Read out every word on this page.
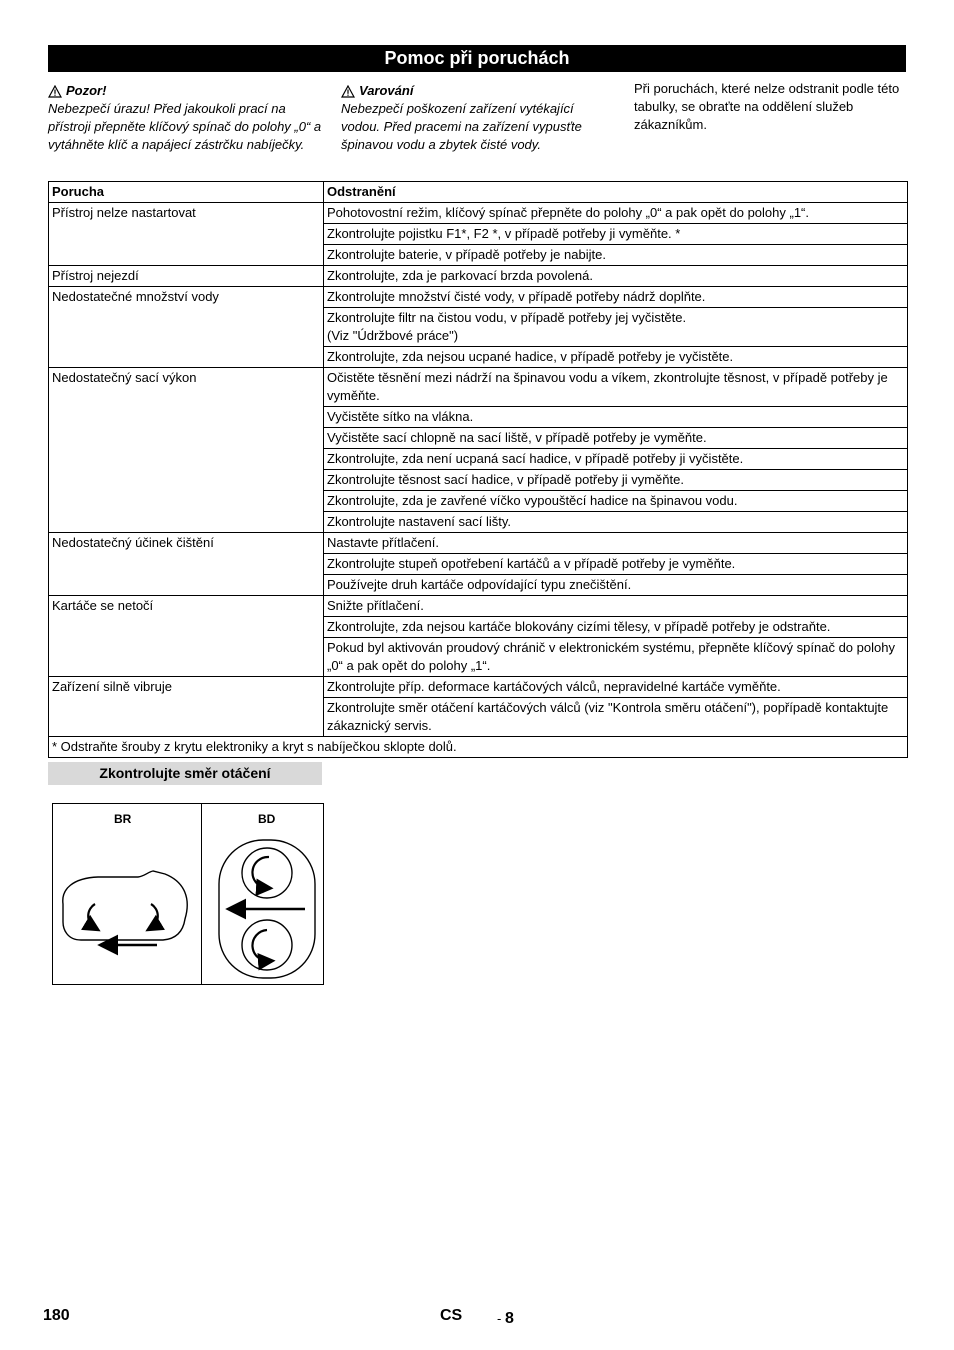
Pomoc při poruchách
Pozor!
Nebezpečí úrazu! Před jakoukoli prací na přístroji přepněte klíčový spínač do polohy „0“ a vytáhněte klíč a napájecí zástrčku nabíječky.
Varování
Nebezpečí poškození zařízení vytékající vodou. Před pracemi na zařízení vypusťte špinavou vodu a zbytek čisté vody.
Při poruchách, které nelze odstranit podle této tabulky, se obraťte na oddělení služeb zákazníkům.
Porucha	Odstranění
Přístroj nelze nastartovat	Pohotovostní režim, klíčový spínač přepněte do polohy „0“ a pak opět do polohy „1“.
	Zkontrolujte pojistku F1*, F2 *, v případě potřeby ji vyměňte. *
	Zkontrolujte baterie, v případě potřeby je nabijte.
Přístroj nejezdí	Zkontrolujte, zda je parkovací brzda povolená.
Nedostatečné množství vody	Zkontrolujte množství čisté vody, v případě potřeby nádrž doplňte.
	Zkontrolujte filtr na čistou vodu, v případě potřeby jej vyčistěte.
(Viz "Údržbové práce")
	Zkontrolujte, zda nejsou ucpané hadice, v případě potřeby je vyčistěte.
Nedostatečný sací výkon	Očistěte těsnění mezi nádrží na špinavou vodu a víkem, zkontrolujte těsnost, v případě potřeby je vyměňte.
	Vyčistěte sítko na vlákna.
	Vyčistěte sací chlopně na sací liště, v případě potřeby je vyměňte.
	Zkontrolujte, zda není ucpaná sací hadice, v případě potřeby ji vyčistěte.
	Zkontrolujte těsnost sací hadice, v případě potřeby ji vyměňte.
	Zkontrolujte, zda je zavřené víčko vypouštěcí hadice na špinavou vodu.
	Zkontrolujte nastavení sací lišty.
Nedostatečný účinek čištění	Nastavte přítlačení.
	Zkontrolujte stupeň opotřebení kartáčů a v případě potřeby je vyměňte.
	Používejte druh kartáče odpovídající typu znečištění.
Kartáče se netočí	Snižte přítlačení.
	Zkontrolujte, zda nejsou kartáče blokovány cizími tělesy, v případě potřeby je odstraňte.
	Pokud byl aktivován proudový chránič v elektronickém systému, přepněte klíčový spínač do polohy „0“ a pak opět do polohy „1“.
Zařízení silně vibruje	Zkontrolujte příp. deformace kartáčových válců, nepravidelné kartáče vyměňte.
	Zkontrolujte směr otáčení kartáčových válců (viz "Kontrola směru otáčení"), popřípadě kontaktujte zákaznický servis.
* Odstraňte šrouby z krytu elektroniky a kryt s nabíječkou sklopte dolů.	
Zkontrolujte směr otáčení
BR	BD
180	CS	- 8
